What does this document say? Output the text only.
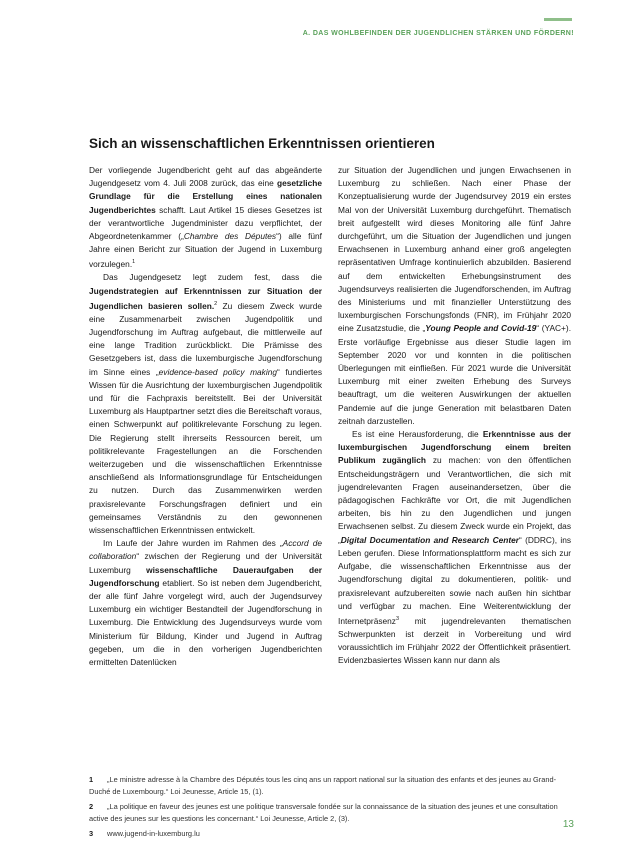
A. DAS WOHLBEFINDEN DER JUGENDLICHEN STÄRKEN UND FÖRDERN!
Sich an wissenschaftlichen Erkenntnissen orientieren

Der vorliegende Jugendbericht geht auf das abgeänderte Jugendgesetz vom 4. Juli 2008 zurück, das eine gesetzliche Grundlage für die Erstellung eines nationalen Jugendberichtes schafft. Laut Artikel 15 dieses Gesetzes ist der verantwortliche Jugendminister dazu verpflichtet, der Abgeordnetenkammer („Chambre des Députes“) alle fünf Jahre einen Bericht zur Situation der Jugend in Luxemburg vorzulegen.$^1$

Das Jugendgesetz legt zudem fest, dass die Jugendstrategien auf Erkenntnissen zur Situation der Jugendlichen basieren sollen.$^2$ Zu diesem Zweck wurde eine Zusammenarbeit zwischen Jugendpolitik und Jugendforschung im Auftrag aufgebaut, die mittlerweile auf eine lange Tradition zurückblickt. Die Prämisse des Gesetzgebers ist, dass die luxemburgische Jugendforschung im Sinne eines „evidence-based policy making“ fundiertes Wissen für die Ausrichtung der luxemburgischen Jugendpolitik und für die Fachpraxis bereitstellt. Bei der Universität Luxemburg als Hauptpartner setzt dies die Bereitschaft voraus, einen Schwerpunkt auf politikrelevante Forschung zu legen. Die Regierung stellt ihrerseits Ressourcen bereit, um politikrelevante Fragestellungen an die Forschenden weiterzugeben und die wissenschaftlichen Erkenntnisse anschließend als Informationsgrundlage für Entscheidungen zu nutzen. Durch das Zusammenwirken werden praxisrelevante Forschungsfragen definiert und ein gemeinsames Verständnis zu den gewonnenen wissenschaftlichen Erkenntnissen entwickelt.

Im Laufe der Jahre wurden im Rahmen des „Accord de collaboration“ zwischen der Regierung und der Universität Luxemburg wissenschaftliche Daueraufgaben der Jugendforschung etabliert. So ist neben dem Jugendbericht, der alle fünf Jahre vorgelegt wird, auch der Jugendsurvey Luxemburg ein wichtiger Bestandteil der Jugendforschung in Luxemburg. Die Entwicklung des Jugendsurveys wurde vom Ministerium für Bildung, Kinder und Jugend in Auftrag gegeben, um die in den vorherigen Jugendberichten ermittelten Datenlücken

zur Situation der Jugendlichen und jungen Erwachsenen in Luxemburg zu schließen. Nach einer Phase der Konzeptualisierung wurde der Jugendsurvey 2019 ein erstes Mal von der Universität Luxemburg durchgeführt. Thematisch breit aufgestellt wird dieses Monitoring alle fünf Jahre durchgeführt, um die Situation der Jugendlichen und jungen Erwachsenen in Luxemburg anhand einer groß angelegten repräsentativen Umfrage kontinuierlich abzubilden. Basierend auf dem entwickelten Erhebungsinstrument des Jugendsurveys realisierten die Jugendforschenden, im Auftrag des Ministeriums und mit finanzieller Unterstützung des luxemburgischen Forschungsfonds (FNR), im Frühjahr 2020 eine Zusatzstudie, die „Young People and Covid-19“ (YAC+). Erste vorläufige Ergebnisse aus dieser Studie lagen im September 2020 vor und konnten in die politischen Überlegungen mit einfließen. Für 2021 wurde die Universität Luxemburg mit einer zweiten Erhebung des Surveys beauftragt, um die weiteren Auswirkungen der aktuellen Pandemie auf die junge Generation mit belastbaren Daten zeitnah darzustellen.

Es ist eine Herausforderung, die Erkenntnisse aus der luxemburgischen Jugendforschung einem breiten Publikum zugänglich zu machen: von den öffentlichen Entscheidungsträgern und Verantwortlichen, die sich mit jugendrelevanten Fragen auseinandersetzen, über die pädagogischen Fachkräfte vor Ort, die mit Jugendlichen arbeiten, bis hin zu den Jugendlichen und jungen Erwachsenen selbst. Zu diesem Zweck wurde ein Projekt, das „Digital Documentation and Research Center“ (DDRC), ins Leben gerufen. Diese Informationsplattform macht es sich zur Aufgabe, die wissenschaftlichen Erkenntnisse aus der Jugendforschung digital zu dokumentieren, politik- und praxisrelevant aufzubereiten sowie nach außen hin sichtbar und verfügbar zu machen. Eine Weiterentwicklung der Internetpräsenz$^3$ mit jugendrelevanten thematischen Schwerpunkten ist derzeit in Vorbereitung und wird voraussichtlich im Frühjahr 2022 der Öffentlichkeit präsentiert. Evidenzbasiertes Wissen kann nur dann als

1 „Le ministre adresse à la Chambre des Députés tous les cinq ans un rapport national sur la situation des enfants et des jeunes au Grand-Duché de Luxembourg.“ Loi Jeunesse, Article 15, (1).

2 „La politique en faveur des jeunes est une politique transversale fondée sur la connaissance de la situation des jeunes et une consultation active des jeunes sur les questions les concernant.“ Loi Jeunesse, Article 2, (3).

3 www.jugend-in-luxemburg.lu

13
